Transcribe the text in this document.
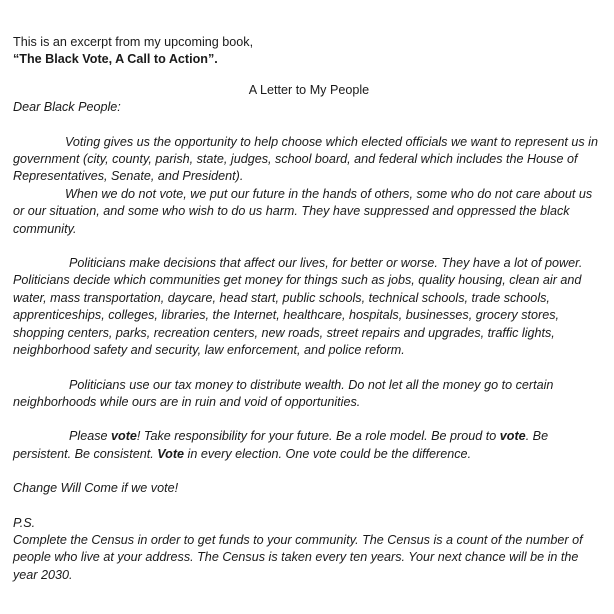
This is an excerpt from my upcoming book,

“The Black Vote, A Call to Action”.

A Letter to My People

Dear Black People:

Voting gives us the opportunity to help choose which elected officials we want to represent us in government (city, county, parish, state, judges, school board, and federal which includes the House of Representatives, Senate, and President).

When we do not vote, we put our future in the hands of others, some who do not care about us or our situation, and some who wish to do us harm. They have suppressed and oppressed the black community.

Politicians make decisions that affect our lives, for better or worse. They have a lot of power. Politicians decide which communities get money for things such as jobs, quality housing, clean air and water, mass transportation, daycare, head start, public schools, technical schools, trade schools, apprenticeships, colleges, libraries, the Internet, healthcare, hospitals, businesses, grocery stores, shopping centers, parks, recreation centers, new roads, street repairs and upgrades, traffic lights, neighborhood safety and security, law enforcement, and police reform.

Politicians use our tax money to distribute wealth. Do not let all the money go to certain neighborhoods while ours are in ruin and void of opportunities.

Please vote! Take responsibility for your future. Be a role model. Be proud to vote. Be persistent. Be consistent. Vote in every election. One vote could be the difference.

Change Will Come if we vote!

P.S.

Complete the Census in order to get funds to your community. The Census is a count of the number of people who live at your address. The Census is taken every ten years. Your next chance will be in the year 2030.
